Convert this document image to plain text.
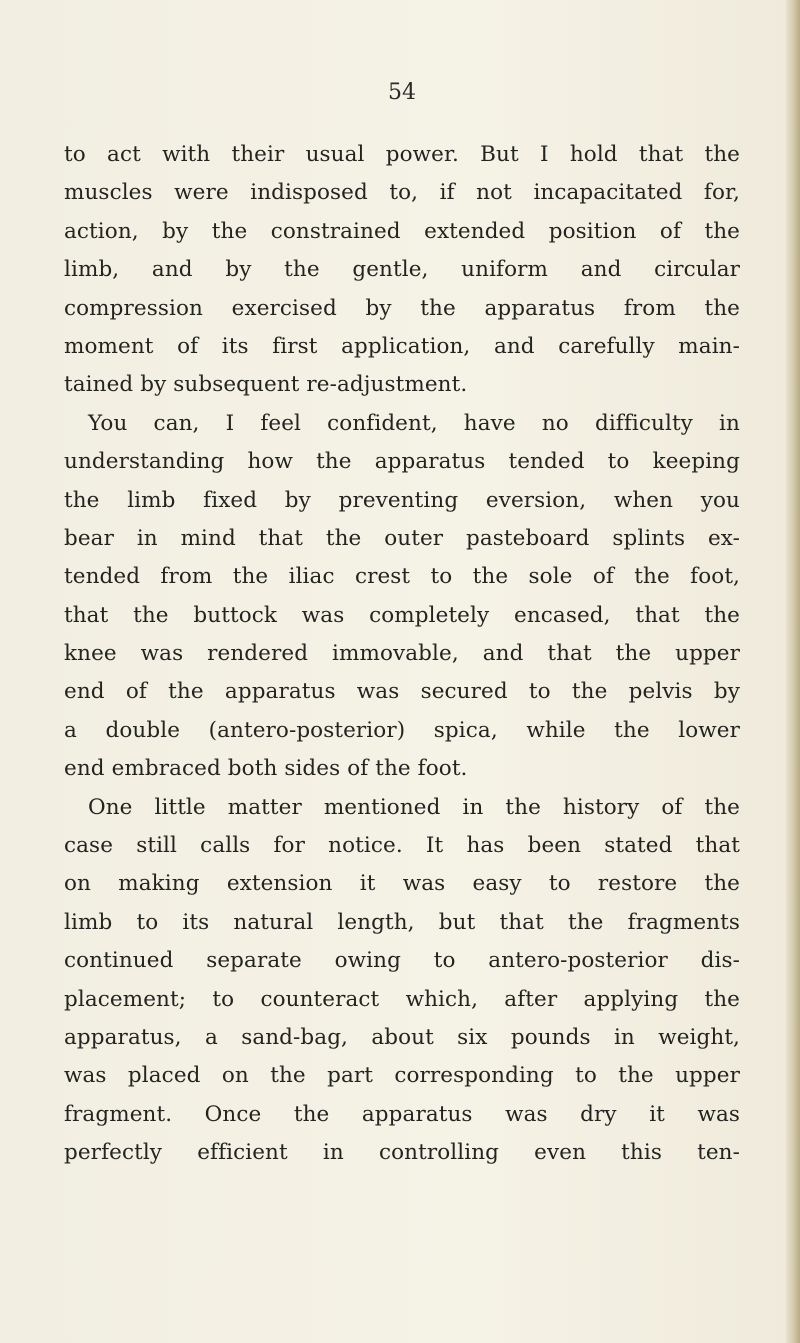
54
to act with their usual power. But I hold that the
muscles were indisposed to, if not incapacitated for,
action, by the constrained extended position of the
limb, and by the gentle, uniform and circular
compression exercised by the apparatus from the
moment of its first application, and carefully main-
tained by subsequent re-adjustment.
You can, I feel confident, have no difficulty in
understanding how the apparatus tended to keeping
the limb fixed by preventing eversion, when you
bear in mind that the outer pasteboard splints ex-
tended from the iliac crest to the sole of the foot,
that the buttock was completely encased, that the
knee was rendered immovable, and that the upper
end of the apparatus was secured to the pelvis by
a double (antero-posterior) spica, while the lower
end embraced both sides of the foot.
One little matter mentioned in the history of the
case still calls for notice. It has been stated that
on making extension it was easy to restore the
limb to its natural length, but that the fragments
continued separate owing to antero-posterior dis-
placement; to counteract which, after applying the
apparatus, a sand-bag, about six pounds in weight,
was placed on the part corresponding to the upper
fragment. Once the apparatus was dry it was
perfectly efficient in controlling even this ten-
